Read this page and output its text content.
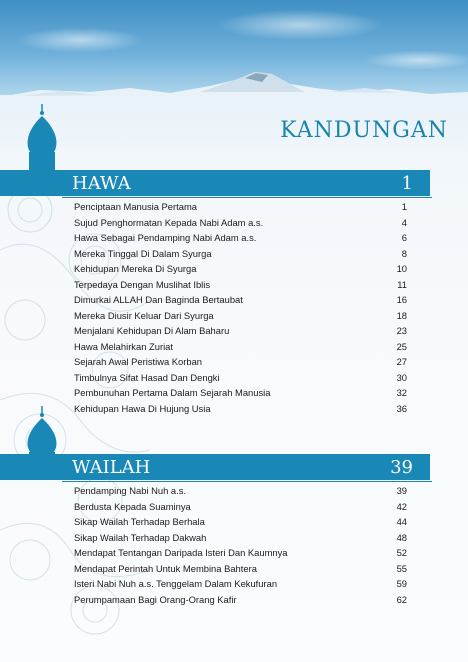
KANDUNGAN
HAWA	1
Penciptaan Manusia Pertama	1
Sujud Penghormatan Kepada Nabi Adam a.s.	4
Hawa Sebagai Pendamping Nabi Adam a.s.	6
Mereka Tinggal Di Dalam Syurga	8
Kehidupan Mereka Di Syurga	10
Terpedaya Dengan Muslihat Iblis	11
Dimurkai ALLAH Dan Baginda Bertaubat	16
Mereka Diusir Keluar Dari Syurga	18
Menjalani Kehidupan Di Alam Baharu	23
Hawa Melahirkan Zuriat	25
Sejarah Awal Peristiwa Korban	27
Timbulnya Sifat Hasad Dan Dengki	30
Pembunuhan Pertama Dalam Sejarah Manusia	32
Kehidupan Hawa Di Hujung Usia	36
WAILAH	39
Pendamping Nabi Nuh a.s.	39
Berdusta Kepada Suaminya	42
Sikap Wailah Terhadap Berhala	44
Sikap Wailah Terhadap Dakwah	48
Mendapat Tentangan Daripada Isteri Dan Kaumnya	52
Mendapat Perintah Untuk Membina Bahtera	55
Isteri Nabi Nuh a.s. Tenggelam Dalam Kekufuran	59
Perumpamaan Bagi Orang-Orang Kafir	62
